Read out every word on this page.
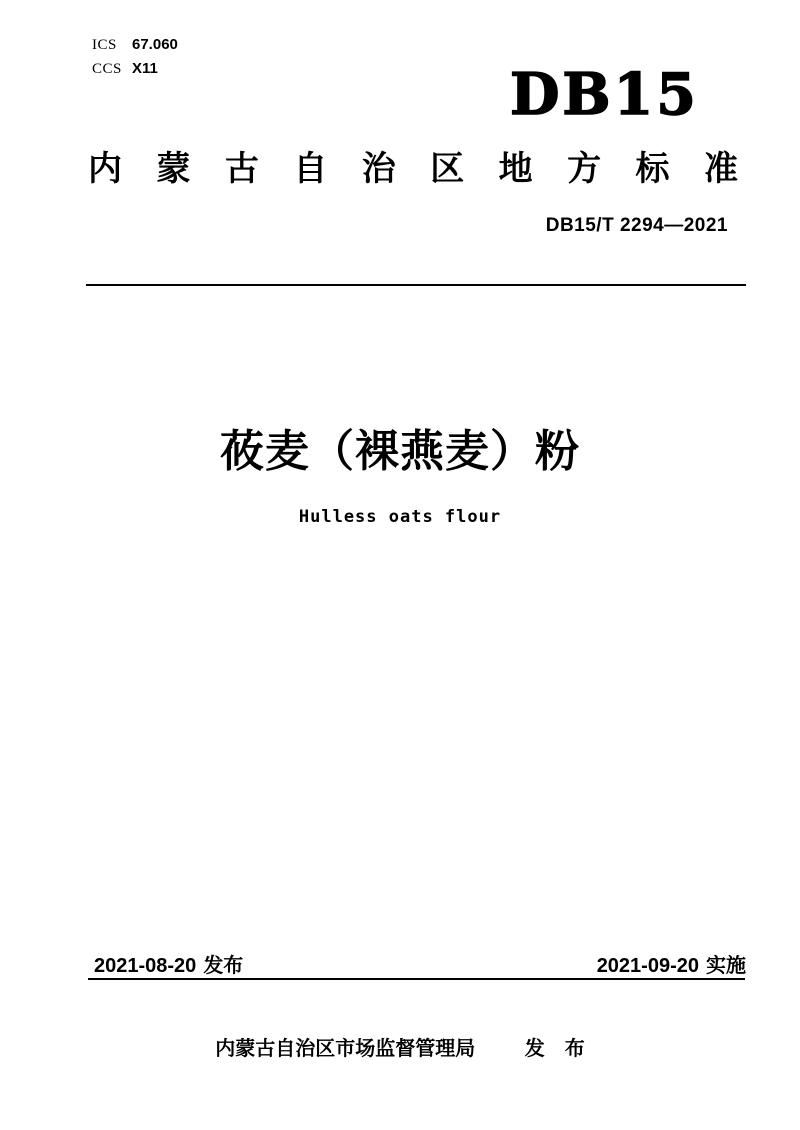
ICS	67.060
CCS X11	DB15
内 蒙 古 自 治 区 地 方 标 准
DB15/T 2294—2021
莜麦（裸燕麦）粉
Hulless oats flour
2021-08-20 发布	2021-09-20 实施
内蒙古自治区市场监督管理局 发　布
